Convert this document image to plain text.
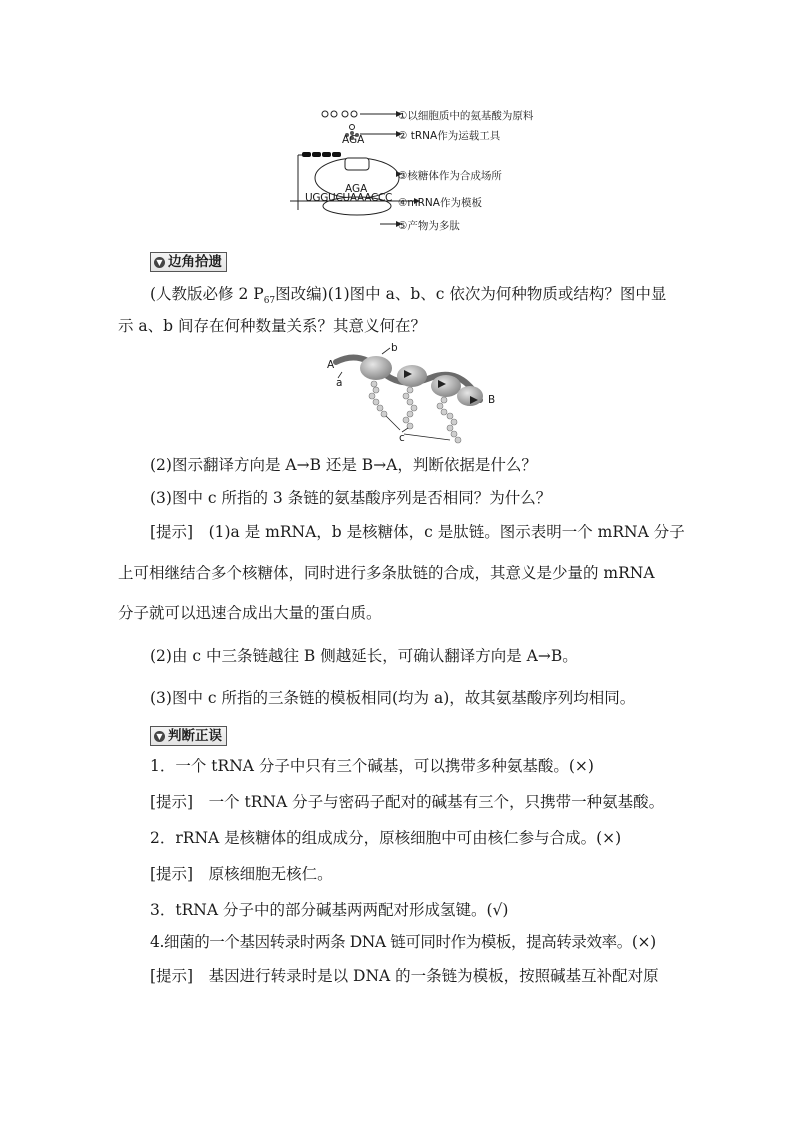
AGA
AGA
UGGUCUAAACCC
①以细胞质中的氨基酸为原料
② tRNA作为运载工具
③核糖体作为合成场所
④mRNA作为模板
⑤产物为多肽
▼ 边角拾遗
(人教版必修 2 $P_{67}$图改编)(1)图中 a、b、c 依次为何种物质或结构？图中显
示 a、b 间存在何种数量关系？其意义何在？
A
a
b
B
c
(2)图示翻译方向是 A→B 还是 B→A，判断依据是什么？
(3)图中 c 所指的 3 条链的氨基酸序列是否相同？为什么？
[提示]　(1)a 是 mRNA，b 是核糖体，c 是肽链。图示表明一个 mRNA 分子
上可相继结合多个核糖体，同时进行多条肽链的合成，其意义是少量的 mRNA
分子就可以迅速合成出大量的蛋白质。
(2)由 c 中三条链越往 B 侧越延长，可确认翻译方向是 A→B。
(3)图中 c 所指的三条链的模板相同(均为 a)，故其氨基酸序列均相同。
▼ 判断正误
1．一个 tRNA 分子中只有三个碱基，可以携带多种氨基酸。(×)
[提示]　一个 tRNA 分子与密码子配对的碱基有三个，只携带一种氨基酸。
2．rRNA 是核糖体的组成成分，原核细胞中可由核仁参与合成。(×)
[提示]　原核细胞无核仁。
3．tRNA 分子中的部分碱基两两配对形成氢键。(√)
4.细菌的一个基因转录时两条 DNA 链可同时作为模板，提高转录效率。(×)
[提示]　基因进行转录时是以 DNA 的一条链为模板，按照碱基互补配对原
